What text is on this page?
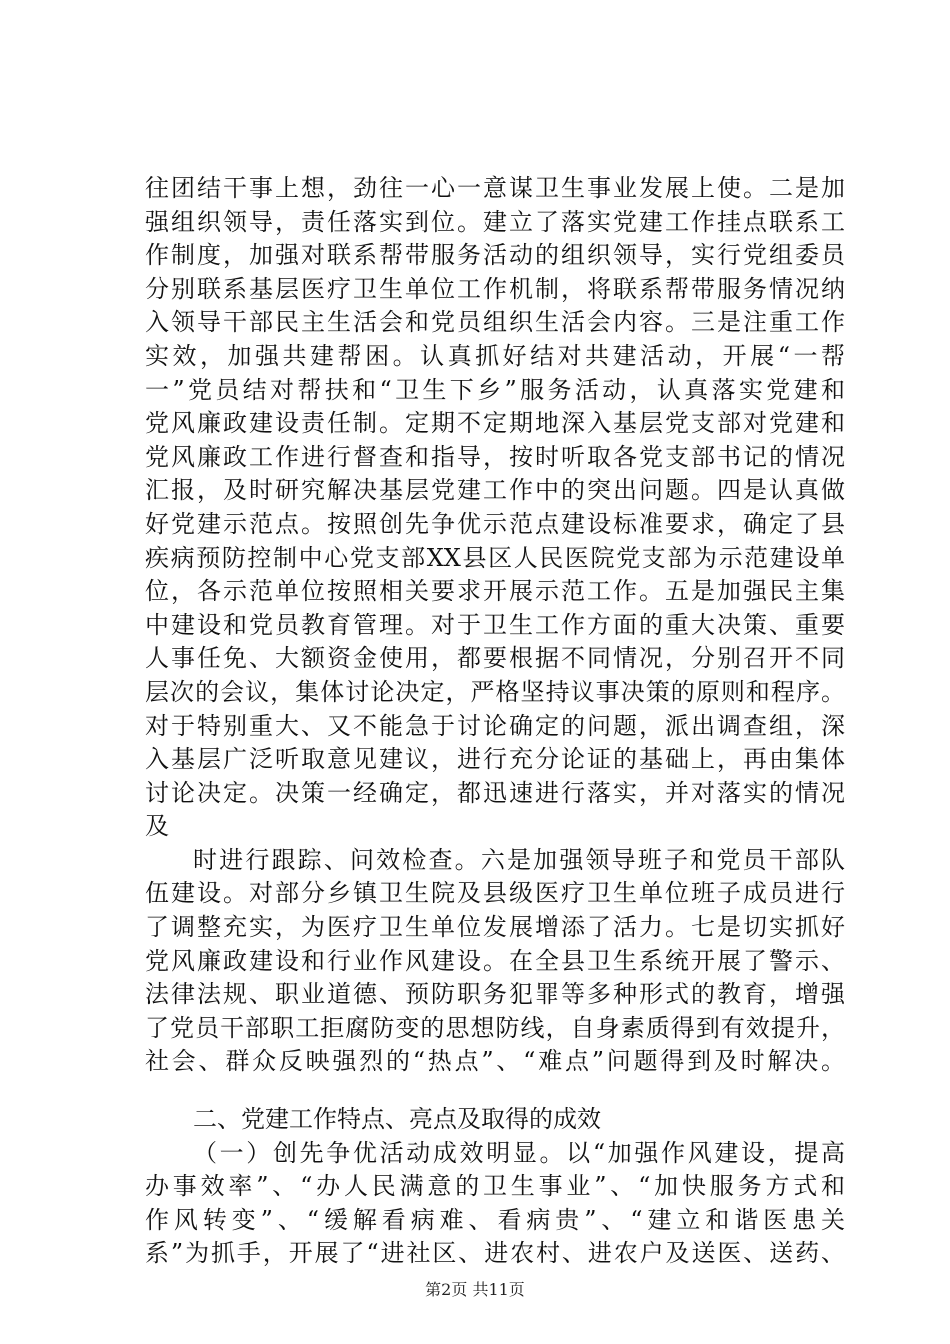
往团结干事上想，劲往一心一意谋卫生事业发展上使。二是加
强组织领导，责任落实到位。建立了落实党建工作挂点联系工
作制度，加强对联系帮带服务活动的组织领导，实行党组委员
分别联系基层医疗卫生单位工作机制，将联系帮带服务情况纳
入领导干部民主生活会和党员组织生活会内容。三是注重工作
实效，加强共建帮困。认真抓好结对共建活动，开展“一帮
一”党员结对帮扶和“卫生下乡”服务活动，认真落实党建和
党风廉政建设责任制。定期不定期地深入基层党支部对党建和
党风廉政工作进行督查和指导，按时听取各党支部书记的情况
汇报，及时研究解决基层党建工作中的突出问题。四是认真做
好党建示范点。按照创先争优示范点建设标准要求，确定了县
疾病预防控制中心党支部XX县区人民医院党支部为示范建设单
位，各示范单位按照相关要求开展示范工作。五是加强民主集
中建设和党员教育管理。对于卫生工作方面的重大决策、重要
人事任免、大额资金使用，都要根据不同情况，分别召开不同
层次的会议，集体讨论决定，严格坚持议事决策的原则和程序。
对于特别重大、又不能急于讨论确定的问题，派出调查组，深
入基层广泛听取意见建议，进行充分论证的基础上，再由集体
讨论决定。决策一经确定，都迅速进行落实，并对落实的情况
及
时进行跟踪、问效检查。六是加强领导班子和党员干部队
伍建设。对部分乡镇卫生院及县级医疗卫生单位班子成员进行
了调整充实，为医疗卫生单位发展增添了活力。七是切实抓好
党风廉政建设和行业作风建设。在全县卫生系统开展了警示、
法律法规、职业道德、预防职务犯罪等多种形式的教育，增强
了党员干部职工拒腐防变的思想防线，自身素质得到有效提升，
社会、群众反映强烈的“热点”、“难点”问题得到及时解决。
二、党建工作特点、亮点及取得的成效
（一）创先争优活动成效明显。以“加强作风建设，提高
办事效率”、“办人民满意的卫生事业”、“加快服务方式和
作风转变”、“缓解看病难、看病贵”、“建立和谐医患关
系”为抓手，开展了“进社区、进农村、进农户及送医、送药、
第2页 共11页
